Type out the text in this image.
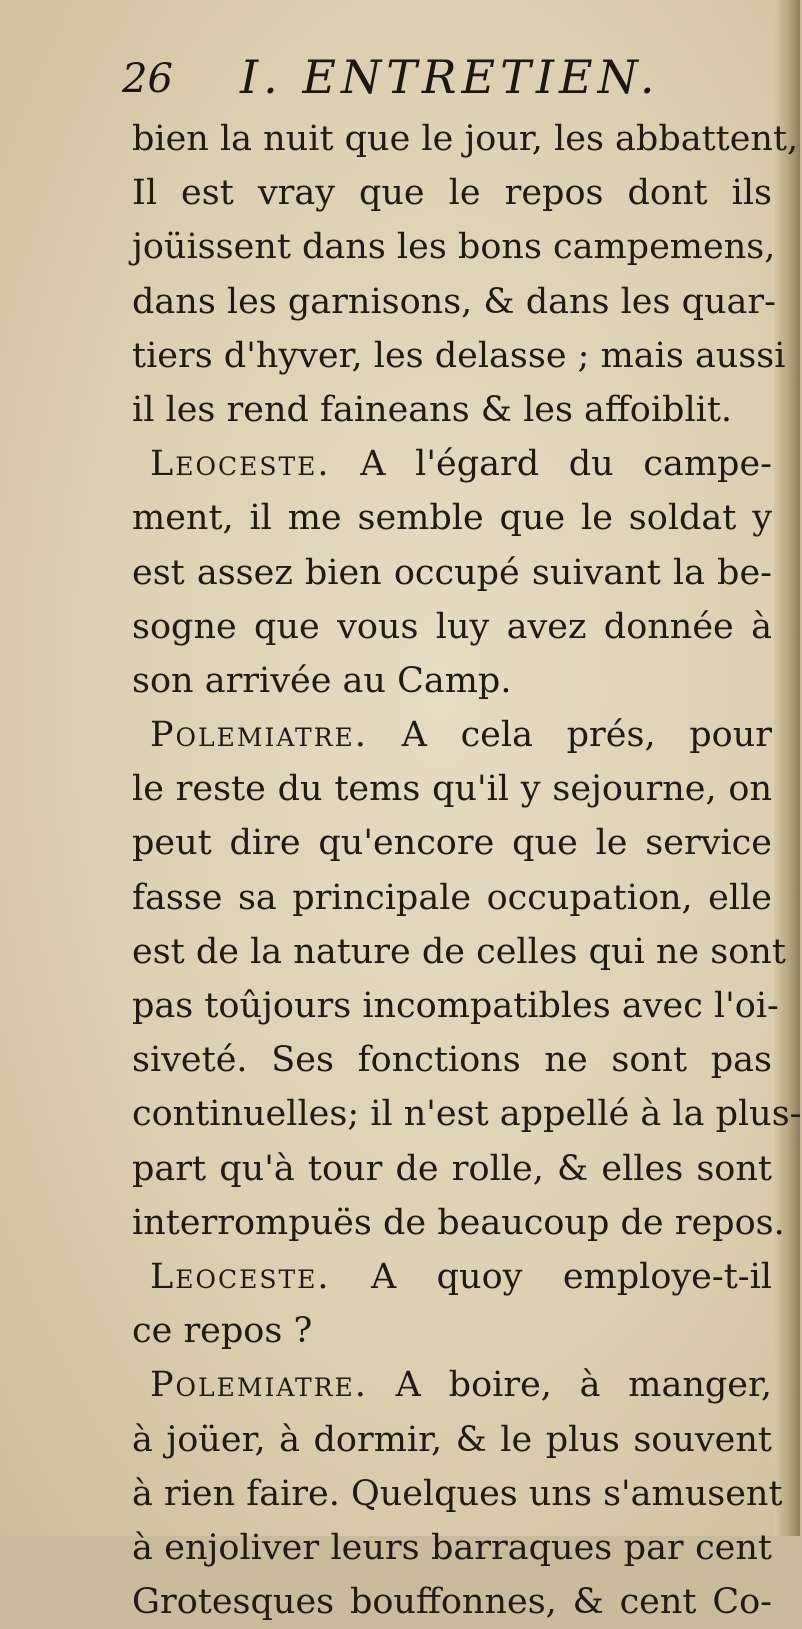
26 I. ENTRETIEN.
bien la nuit que le jour, les abbattent,
Il est vray que le repos dont ils
joüissent dans les bons campemens,
dans les garnisons, & dans les quar-
tiers d'hyver, les delasse ; mais aussi
il les rend faineans & les affoiblit.
Leoceste. A l'égard du campe-
ment, il me semble que le soldat y
est assez bien occupé suivant la be-
sogne que vous luy avez donnée à
son arrivée au Camp.
Polemiatre. A cela prés, pour
le reste du tems qu'il y sejourne, on
peut dire qu'encore que le service
fasse sa principale occupation, elle
est de la nature de celles qui ne sont
pas toûjours incompatibles avec l'oi-
siveté. Ses fonctions ne sont pas
continuelles; il n'est appellé à la plus-
part qu'à tour de rolle, & elles sont
interrompuës de beaucoup de repos.
Leoceste. A quoy employe-t-il
ce repos ?
Polemiatre. A boire, à manger,
à joüer, à dormir, & le plus souvent
à rien faire. Quelques uns s'amusent
à enjoliver leurs barraques par cent
Grotesques bouffonnes, & cent Co-
